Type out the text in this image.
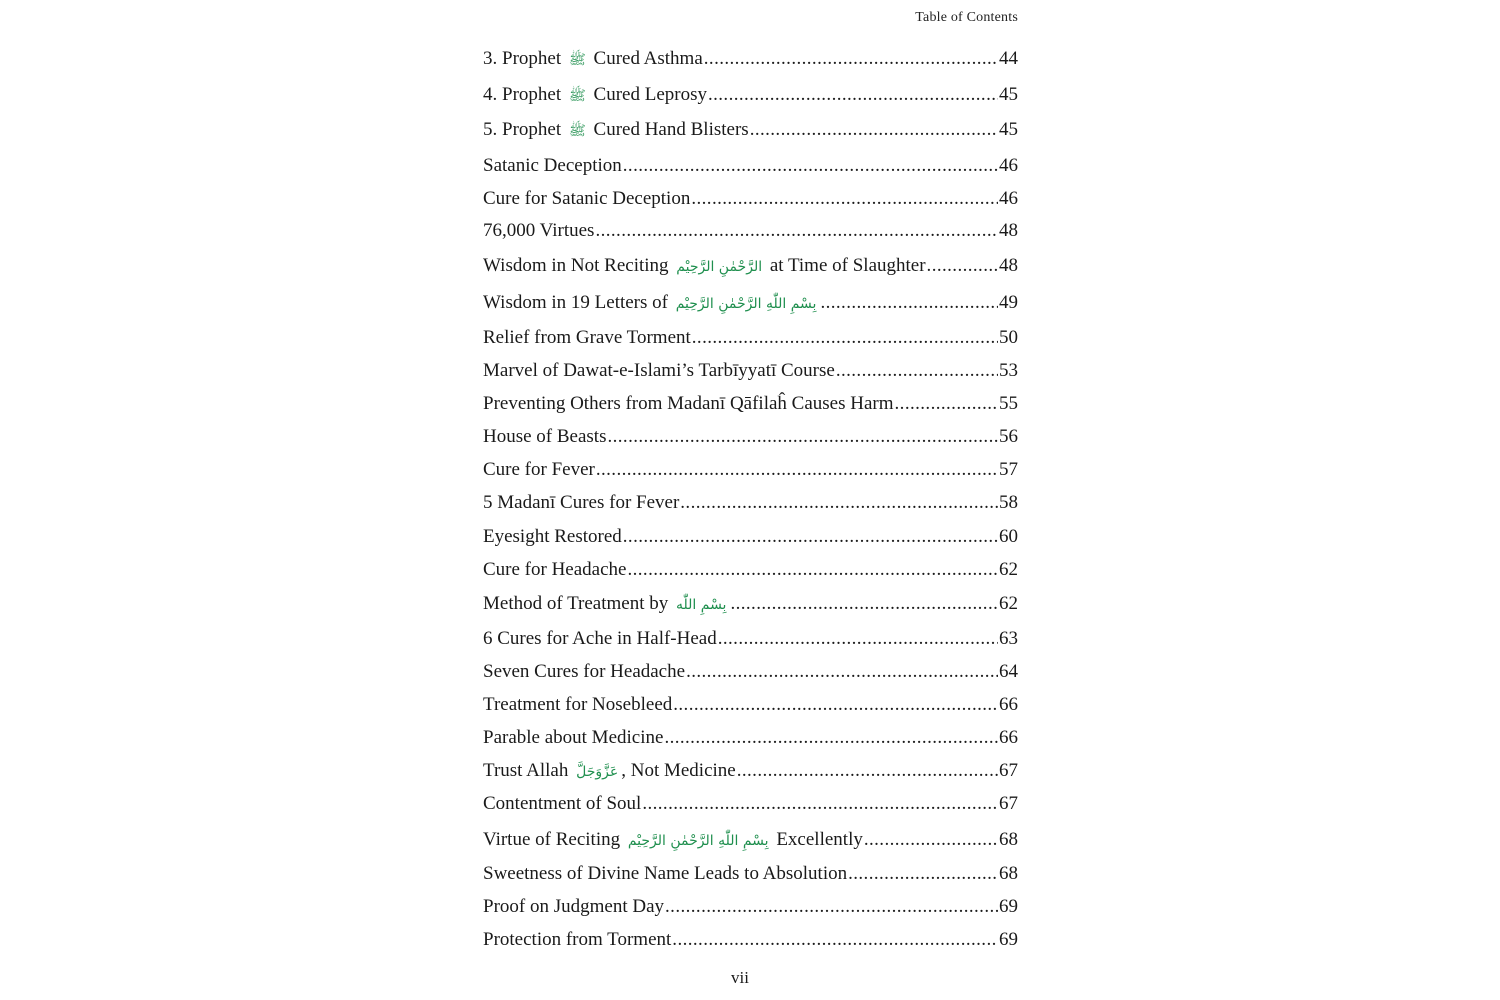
Table of Contents
3. Prophet ﷺ Cured Asthma .....	44
4. Prophet ﷺ Cured Leprosy .....	45
5. Prophet ﷺ Cured Hand Blisters .....	45
Satanic Deception .....	46
Cure for Satanic Deception .....	46
76,000 Virtues .....	48
Wisdom in Not Reciting الرَّحْمٰنِ الرَّحِيْم at Time of Slaughter .....	48
Wisdom in 19 Letters of بِسْمِ اللّٰهِ الرَّحْمٰنِ الرَّحِيْم .....	49
Relief from Grave Torment .....	50
Marvel of Dawat-e-Islami’s Tarbīyyatī Course .....	53
Preventing Others from Madanī Qāfilaĥ Causes Harm .....	55
House of Beasts .....	56
Cure for Fever .....	57
5 Madanī Cures for Fever .....	58
Eyesight Restored .....	60
Cure for Headache .....	62
Method of Treatment by بِسْمِ اللّٰه .....	62
6 Cures for Ache in Half-Head .....	63
Seven Cures for Headache .....	64
Treatment for Nosebleed .....	66
Parable about Medicine .....	66
Trust Allah عَزَّوَجَلَّ , Not Medicine .....	67
Contentment of Soul .....	67
Virtue of Reciting بِسْمِ اللّٰهِ الرَّحْمٰنِ الرَّحِيْم Excellently .....	68
Sweetness of Divine Name Leads to Absolution .....	68
Proof on Judgment Day .....	69
Protection from Torment .....	69
vii
